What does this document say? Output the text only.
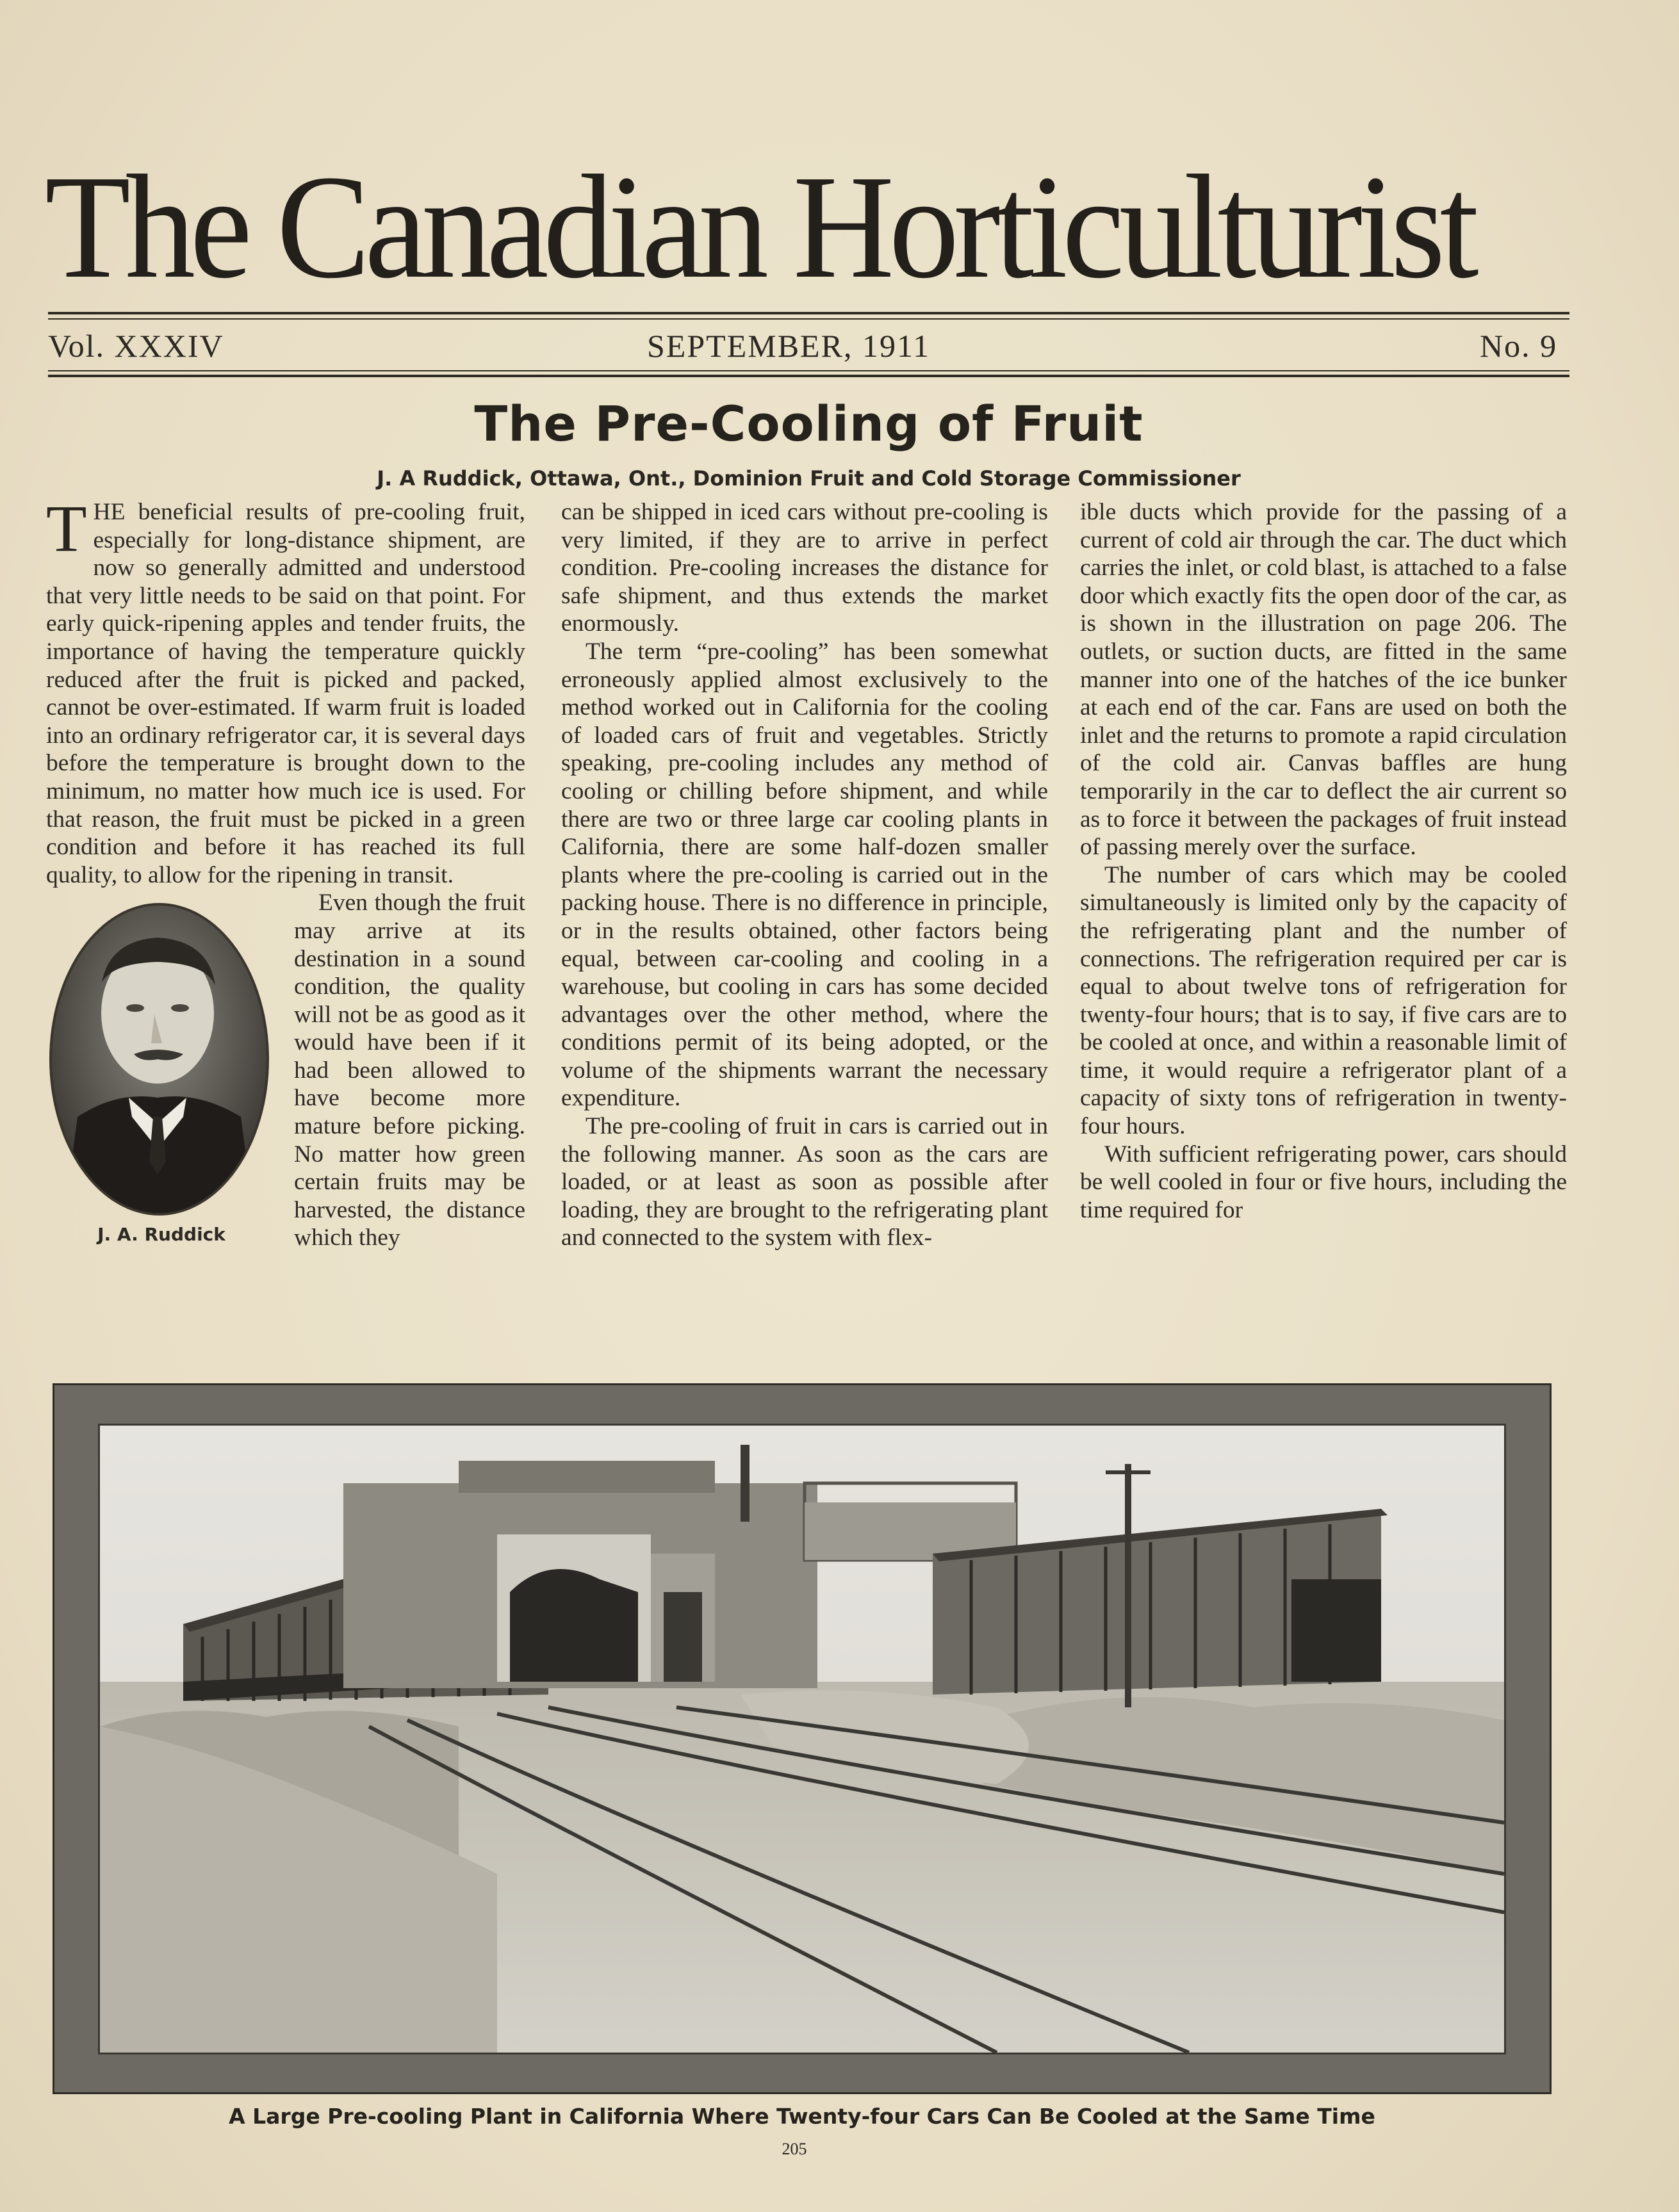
The Canadian Horticulturist
Vol. XXXIV	SEPTEMBER, 1911	No. 9
The Pre-Cooling of Fruit
J. A Ruddick, Ottawa, Ont., Dominion Fruit and Cold Storage Commissioner
T HE beneficial results of pre-cooling fruit, especially for long-distance shipment, are now so generally admitted and understood that very little needs to be said on that point. For early quick-ripening apples and tender fruits, the importance of having the temperature quickly reduced after the fruit is picked and packed, cannot be over-estimated. If warm fruit is loaded into an ordinary refrigerator car, it is several days before the temperature is brought down to the minimum, no matter how much ice is used. For that reason, the fruit must be picked in a green condition and before it has reached its full quality, to allow for the ripening in transit.

J. A. Ruddick

Even though the fruit may arrive at its destination in a sound condition, the quality will not be as good as it would have been if it had been allowed to have become more mature before picking. No matter how green certain fruits may be harvested, the distance which they

can be shipped in iced cars without pre-cooling is very limited, if they are to arrive in perfect condition. Pre-cooling increases the distance for safe shipment, and thus extends the market enormously.

The term “pre-cooling” has been somewhat erroneously applied almost exclusively to the method worked out in California for the cooling of loaded cars of fruit and vegetables. Strictly speaking, pre-cooling includes any method of cooling or chilling before shipment, and while there are two or three large car cooling plants in California, there are some half-dozen smaller plants where the pre-cooling is carried out in the packing house. There is no difference in principle, or in the results obtained, other factors being equal, between car-cooling and cooling in a warehouse, but cooling in cars has some decided advantages over the other method, where the conditions permit of its being adopted, or the volume of the shipments warrant the necessary expenditure.

The pre-cooling of fruit in cars is carried out in the following manner. As soon as the cars are loaded, or at least as soon as possible after loading, they are brought to the refrigerating plant and connected to the system with flex-

ible ducts which provide for the passing of a current of cold air through the car. The duct which carries the inlet, or cold blast, is attached to a false door which exactly fits the open door of the car, as is shown in the illustration on page 206. The outlets, or suction ducts, are fitted in the same manner into one of the hatches of the ice bunker at each end of the car. Fans are used on both the inlet and the returns to promote a rapid circulation of the cold air. Canvas baffles are hung temporarily in the car to deflect the air current so as to force it between the packages of fruit instead of passing merely over the surface.

The number of cars which may be cooled simultaneously is limited only by the capacity of the refrigerating plant and the number of connections. The refrigeration required per car is equal to about twelve tons of refrigeration for twenty-four hours; that is to say, if five cars are to be cooled at once, and within a reasonable limit of time, it would require a refrigerator plant of a capacity of sixty tons of refrigeration in twenty-four hours.

With sufficient refrigerating power, cars should be well cooled in four or five hours, including the time required for

A Large Pre-cooling Plant in California Where Twenty-four Cars Can Be Cooled at the Same Time
205
